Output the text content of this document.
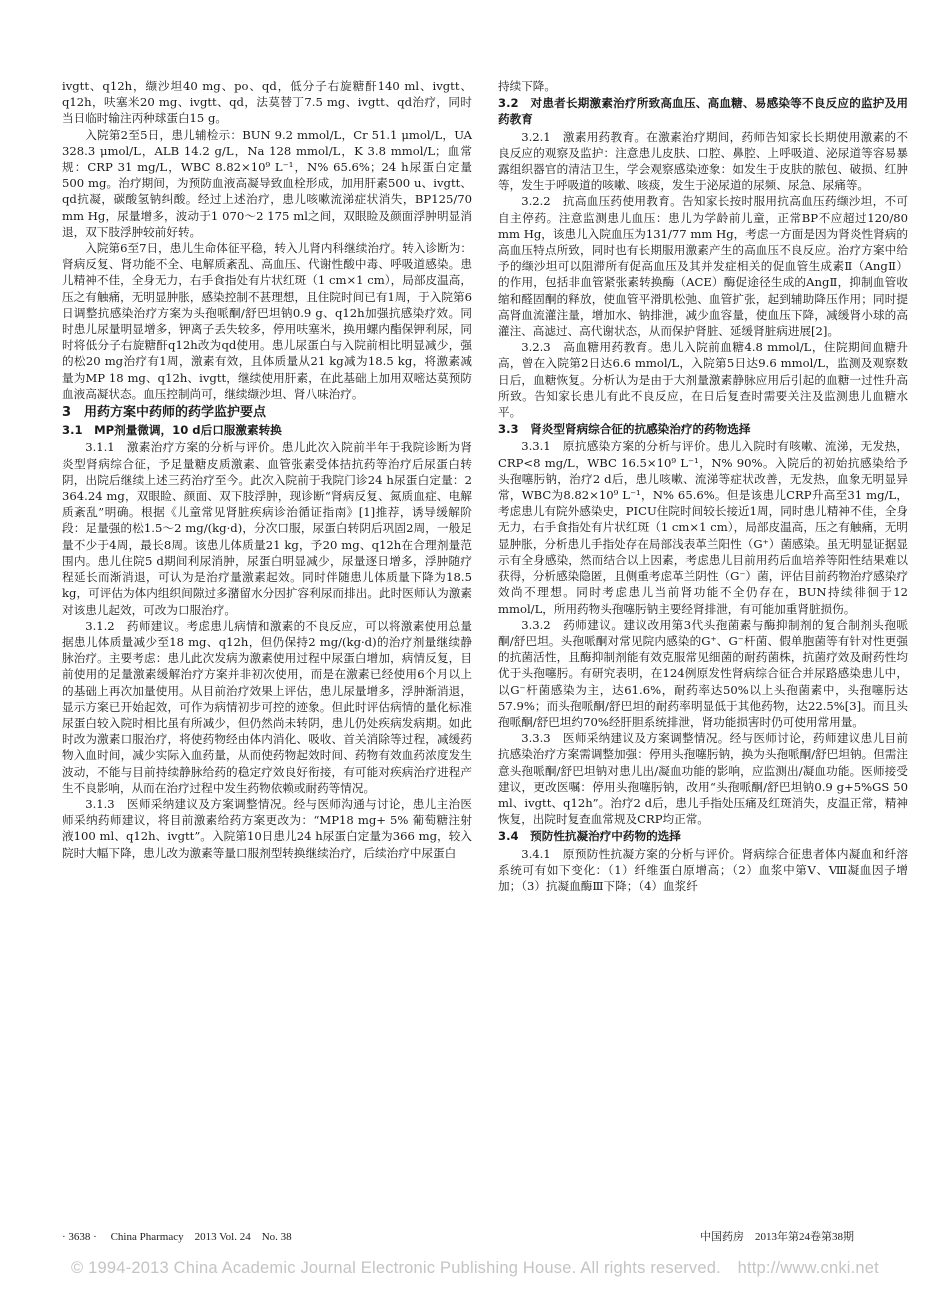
ivgtt、q12h，缬沙坦40 mg、po、qd，低分子右旋糖酐140 ml、ivgtt、q12h，呋塞米20 mg、ivgtt、qd，法莫替丁7.5 mg、ivgtt、qd治疗，同时当日临时输注丙种球蛋白15 g。

入院第2至5日，患儿辅检示：BUN 9.2 mmol/L，Cr 51.1 μmol/L，UA 328.3 μmol/L，ALB 14.2 g/L，Na 128 mmol/L，K 3.8 mmol/L；血常规：CRP 31 mg/L，WBC 8.82×10⁹ L⁻¹，N% 65.6%；24 h尿蛋白定量500 mg。治疗期间，为预防血液高凝导致血栓形成，加用肝素500 u、ivgtt、qd抗凝，碳酸氢钠纠酸。经过上述治疗，患儿咳嗽流涕症状消失，BP125/70 mm Hg，尿量增多，波动于1 070～2 175 ml之间，双眼睑及颜面浮肿明显消退，双下肢浮肿较前好转。

入院第6至7日，患儿生命体征平稳，转入儿肾内科继续治疗。转入诊断为：肾病反复、肾功能不全、电解质紊乱、高血压、代谢性酸中毒、呼吸道感染。患儿精神不佳，全身无力，右手食指处有片状红斑（1 cm×1 cm），局部皮温高，压之有触痛，无明显肿胀，感染控制不甚理想，且住院时间已有1周，于入院第6日调整抗感染治疗方案为头孢哌酮/舒巴坦钠0.9 g、q12h加强抗感染疗效。同时患儿尿量明显增多，钾离子丢失较多，停用呋塞米，换用螺内酯保钾利尿，同时将低分子右旋糖酐q12h改为qd使用。患儿尿蛋白与入院前相比明显减少，强的松20 mg治疗有1周，激素有效，且体质量从21 kg减为18.5 kg，将激素减量为MP 18 mg、q12h、ivgtt，继续使用肝素，在此基础上加用双嘧达莫预防血液高凝状态。血压控制尚可，继续缬沙坦、肾八味治疗。

3　用药方案中药师的药学监护要点
3.1　MP剂量微调，10 d后口服激素转换

3.1.1　激素治疗方案的分析与评价。患儿此次入院前半年于我院诊断为肾炎型肾病综合征，予足量糖皮质激素、血管张素受体拮抗药等治疗后尿蛋白转阴，出院后继续上述三药治疗至今。此次入院前于我院门诊24 h尿蛋白定量：2 364.24 mg，双眼睑、颜面、双下肢浮肿，现诊断“肾病反复、氮质血症、电解质紊乱”明确。根据《儿童常见肾脏疾病诊治循证指南》[1]推荐，诱导缓解阶段：足量强的松1.5～2 mg/(kg·d)，分次口服，尿蛋白转阴后巩固2周，一般足量不少于4周，最长8周。该患儿体质量21 kg，予20 mg、q12h在合理剂量范围内。患儿住院5 d期间利尿消肿，尿蛋白明显减少，尿量逐日增多，浮肿随疗程延长而渐消退，可认为是治疗量激素起效。同时伴随患儿体质量下降为18.5 kg，可评估为体内组织间隙过多潴留水分因扩容利尿而排出。此时医师认为激素对该患儿起效，可改为口服治疗。

3.1.2　药师建议。考虑患儿病情和激素的不良反应，可以将激素使用总量据患儿体质量减少至18 mg、q12h，但仍保持2 mg/(kg·d)的治疗剂量继续静脉治疗。主要考虑：患儿此次发病为激素使用过程中尿蛋白增加，病情反复，目前使用的足量激素缓解治疗方案并非初次使用，而是在激素已经使用6个月以上的基础上再次加量使用。从目前治疗效果上评估，患儿尿量增多，浮肿渐消退，显示方案已开始起效，可作为病情初步可控的迹象。但此时评估病情的量化标准尿蛋白较入院时相比虽有所减少，但仍然尚未转阴，患儿仍处疾病发病期。如此时改为激素口服治疗，将使药物经由体内消化、吸收、首关消除等过程，减缓药物入血时间，减少实际入血药量，从而使药物起效时间、药物有效血药浓度发生波动，不能与目前持续静脉给药的稳定疗效良好衔接，有可能对疾病治疗进程产生不良影响，从而在治疗过程中发生药物依赖或耐药等情况。

3.1.3　医师采纳建议及方案调整情况。经与医师沟通与讨论，患儿主治医师采纳药师建议，将目前激素给药方案更改为：“MP18 mg+ 5% 葡萄糖注射液100 ml、q12h、ivgtt”。入院第10日患儿24 h尿蛋白定量为366 mg，较入院时大幅下降，患儿改为激素等量口服剂型转换继续治疗，后续治疗中尿蛋白

持续下降。

3.2　对患者长期激素治疗所致高血压、高血糖、易感染等不良反应的监护及用药教育

3.2.1　激素用药教育。在激素治疗期间，药师告知家长长期使用激素的不良反应的观察及监护：注意患儿皮肤、口腔、鼻腔、上呼吸道、泌尿道等容易暴露组织器官的清洁卫生，学会观察感染迹象：如发生于皮肤的脓包、破损、红肿等，发生于呼吸道的咳嗽、咳痰，发生于泌尿道的尿频、尿急、尿痛等。

3.2.2　抗高血压药使用教育。告知家长按时服用抗高血压药缬沙坦，不可自主停药。注意监测患儿血压：患儿为学龄前儿童，正常BP不应超过120/80 mm Hg，该患儿入院血压为131/77 mm Hg，考虑一方面是因为肾炎性肾病的高血压特点所致，同时也有长期服用激素产生的高血压不良反应。治疗方案中给予的缬沙坦可以阻滞所有促高血压及其并发症相关的促血管生成素Ⅱ（AngⅡ）的作用，包括非血管紧张素转换酶（ACE）酶促途径生成的AngⅡ，抑制血管收缩和醛固酮的释放，使血管平滑肌松弛、血管扩张，起到辅助降压作用；同时提高肾血流灌注量，增加水、钠排泄，减少血容量，使血压下降，减缓肾小球的高灌注、高滤过、高代谢状态，从而保护肾脏、延缓肾脏病进展[2]。

3.2.3　高血糖用药教育。患儿入院前血糖4.8 mmol/L，住院期间血糖升高，曾在入院第2日达6.6 mmol/L，入院第5日达9.6 mmol/L，监测及观察数日后，血糖恢复。分析认为是由于大剂量激素静脉应用后引起的血糖一过性升高所致。告知家长患儿有此不良反应，在日后复查时需要关注及监测患儿血糖水平。

3.3　肾炎型肾病综合征的抗感染治疗的药物选择

3.3.1　原抗感染方案的分析与评价。患儿入院时有咳嗽、流涕，无发热，CRP<8 mg/L，WBC 16.5×10⁹ L⁻¹，N% 90%。入院后的初始抗感染给予头孢噻肟钠，治疗2 d后，患儿咳嗽、流涕等症状改善，无发热，血象无明显异常，WBC为8.82×10⁹ L⁻¹，N% 65.6%。但是该患儿CRP升高至31 mg/L，考虑患儿有院外感染史，PICU住院时间较长接近1周，同时患儿精神不佳，全身无力，右手食指处有片状红斑（1 cm×1 cm），局部皮温高，压之有触痛，无明显肿胀，分析患儿手指处存在局部浅表革兰阳性（G⁺）菌感染。虽无明显证据显示有全身感染，然而结合以上因素，考虑患儿目前用药后血培养等阳性结果难以获得，分析感染隐匿，且侧重考虑革兰阴性（G⁻）菌，评估目前药物治疗感染疗效尚不理想。同时考虑患儿当前肾功能不全仍存在，BUN持续徘徊于12 mmol/L，所用药物头孢噻肟钠主要经肾排泄，有可能加重肾脏损伤。

3.3.2　药师建议。建议改用第3代头孢菌素与酶抑制剂的复合制剂头孢哌酮/舒巴坦。头孢哌酮对常见院内感染的G⁺、G⁻杆菌、假单胞菌等有针对性更强的抗菌活性，且酶抑制剂能有效克服常见细菌的耐药菌株，抗菌疗效及耐药性均优于头孢噻肟。有研究表明，在124例原发性肾病综合征合并尿路感染患儿中，以G⁻杆菌感染为主，达61.6%，耐药率达50%以上头孢菌素中，头孢噻肟达57.9%；而头孢哌酮/舒巴坦的耐药率明显低于其他药物，达22.5%[3]。而且头孢哌酮/舒巴坦约70%经肝胆系统排泄，肾功能损害时仍可使用常用量。

3.3.3　医师采纳建议及方案调整情况。经与医师讨论，药师建议患儿目前抗感染治疗方案需调整加强：停用头孢噻肟钠，换为头孢哌酮/舒巴坦钠。但需注意头孢哌酮/舒巴坦钠对患儿出/凝血功能的影响，应监测出/凝血功能。医师接受建议，更改医嘱：停用头孢噻肟钠，改用“头孢哌酮/舒巴坦钠0.9 g+5%GS 50 ml、ivgtt、q12h”。治疗2 d后，患儿手指处压痛及红斑消失，皮温正常，精神恢复，出院时复查血常规及CRP均正常。

3.4　预防性抗凝治疗中药物的选择

3.4.1　原预防性抗凝方案的分析与评价。肾病综合征患者体内凝血和纤溶系统可有如下变化：（1）纤维蛋白原增高；（2）血浆中第Ⅴ、Ⅷ凝血因子增加；（3）抗凝血酶Ⅲ下降；（4）血浆纤

· 3638 ·　 China Pharmacy　2013 Vol. 24　No. 38	中国药房　2013年第24卷第38期
© 1994-2013 China Academic Journal Electronic Publishing House. All rights reserved.　http://www.cnki.net
